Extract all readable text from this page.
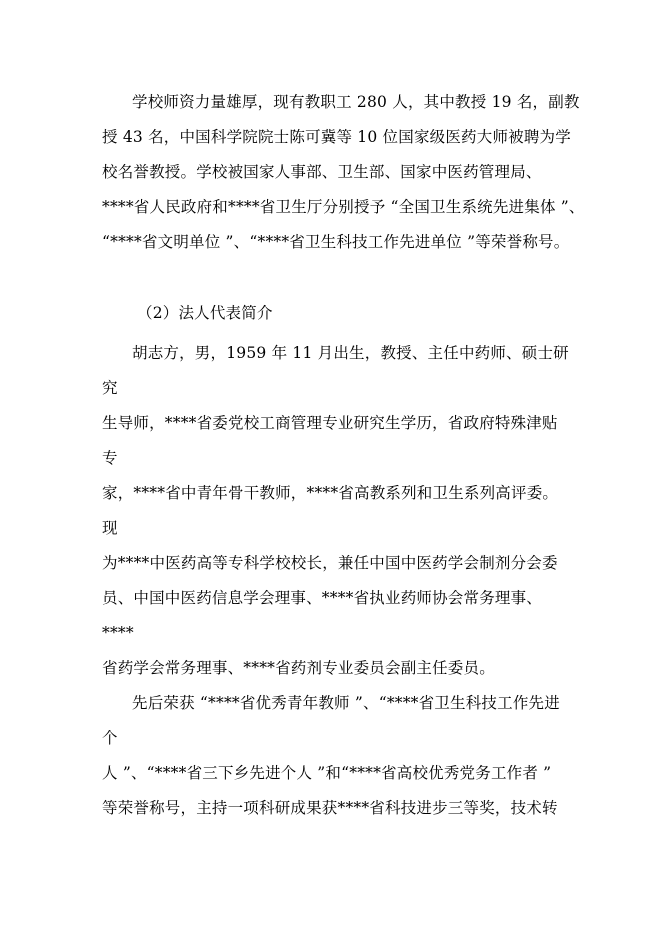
学校师资力量雄厚，现有教职工 280 人，其中教授 19 名，副教
授 43 名，中国科学院院士陈可冀等 10 位国家级医药大师被聘为学
校名誉教授。学校被国家人事部、卫生部、国家中医药管理局、
****省人民政府和****省卫生厅分别授予 “全国卫生系统先进集体 ”、
“****省文明单位 ”、“****省卫生科技工作先进单位 ”等荣誉称号。
（2）法人代表简介
胡志方，男，1959 年 11 月出生，教授、主任中药师、硕士研
究
生导师，****省委党校工商管理专业研究生学历，省政府特殊津贴
专
家，****省中青年骨干教师，****省高教系列和卫生系列高评委。
现
为****中医药高等专科学校校长，兼任中国中医药学会制剂分会委
员、中国中医药信息学会理事、****省执业药师协会常务理事、
****
省药学会常务理事、****省药剂专业委员会副主任委员。
先后荣获 “****省优秀青年教师 ”、“****省卫生科技工作先进
个
人 ”、“****省三下乡先进个人 ”和“****省高校优秀党务工作者 ”
等荣誉称号，主持一项科研成果获****省科技进步三等奖，技术转
